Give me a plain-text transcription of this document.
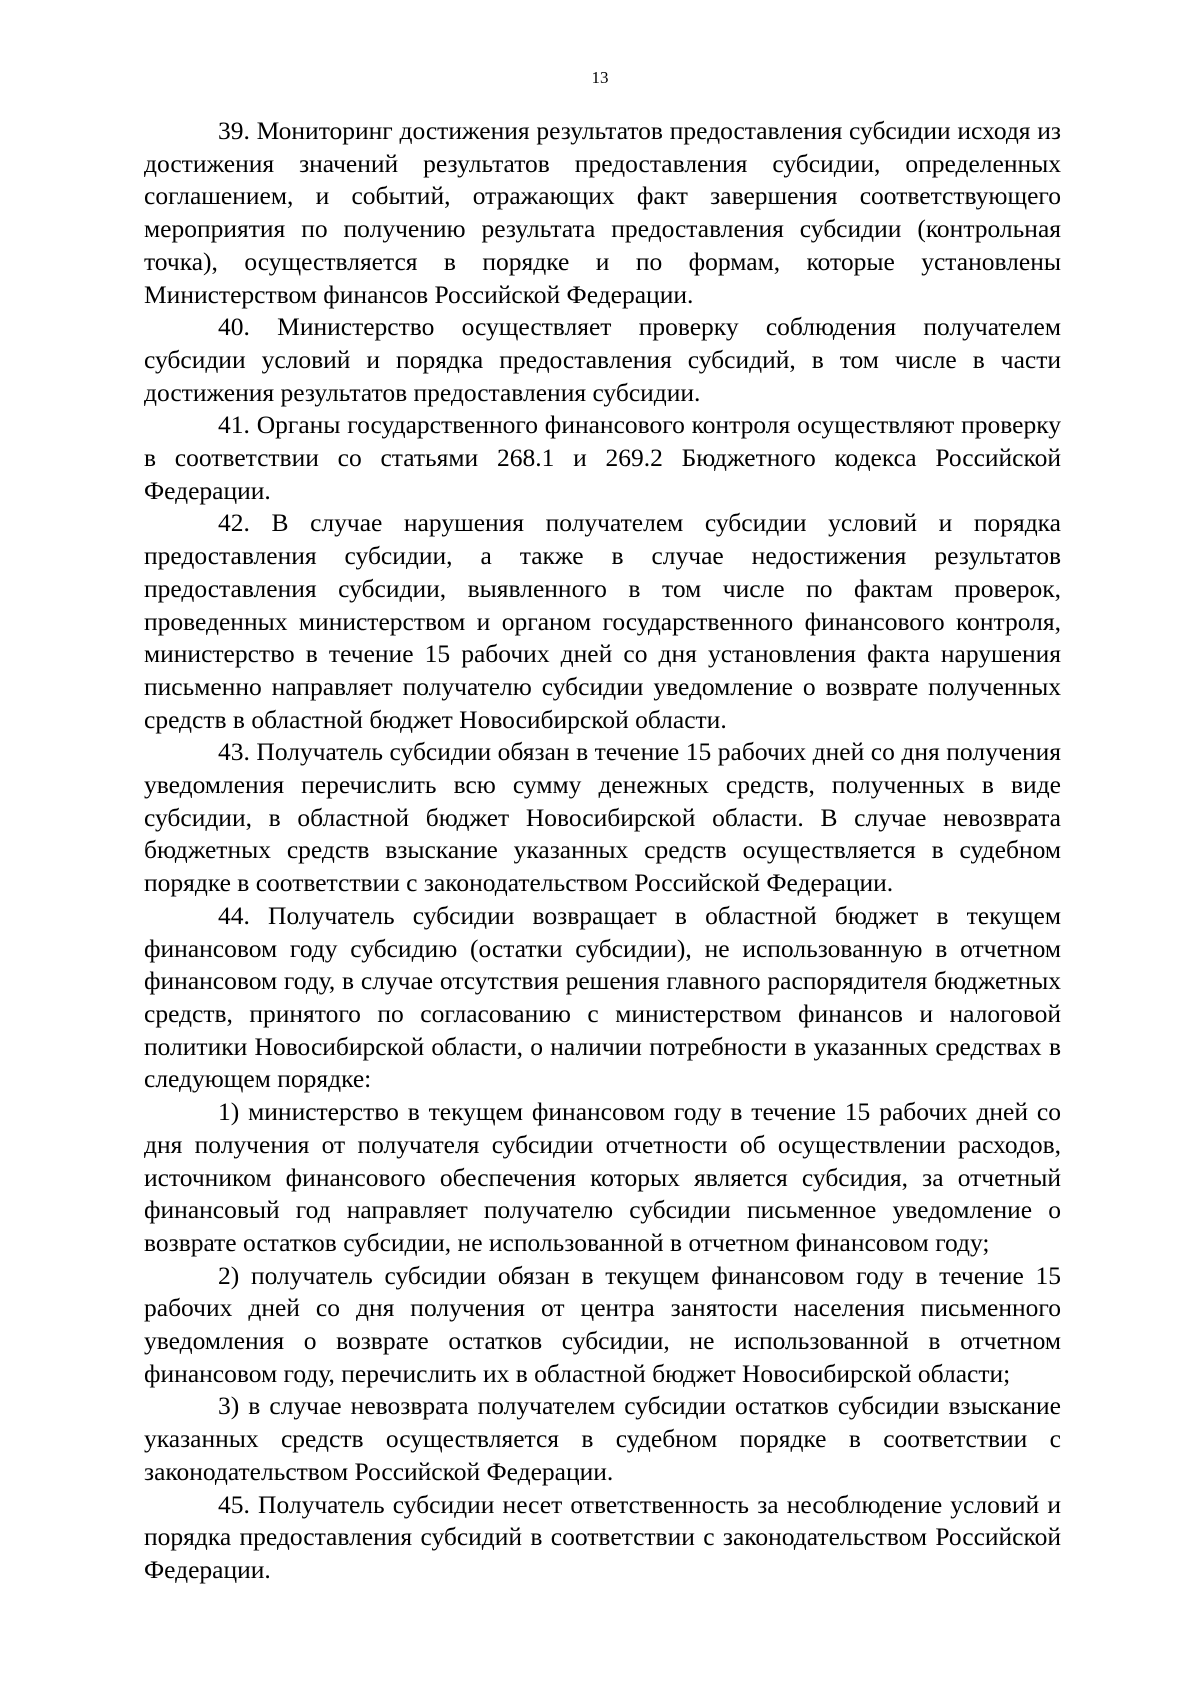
13

39. Мониторинг достижения результатов предоставления субсидии исходя из достижения значений результатов предоставления субсидии, определенных соглашением, и событий, отражающих факт завершения соответствующего мероприятия по получению результата предоставления субсидии (контрольная точка), осуществляется в порядке и по формам, которые установлены Министерством финансов Российской Федерации.

40. Министерство осуществляет проверку соблюдения получателем субсидии условий и порядка предоставления субсидий, в том числе в части достижения результатов предоставления субсидии.

41. Органы государственного финансового контроля осуществляют проверку в соответствии со статьями 268.1 и 269.2 Бюджетного кодекса Российской Федерации.

42. В случае нарушения получателем субсидии условий и порядка предоставления субсидии, а также в случае недостижения результатов предоставления субсидии, выявленного в том числе по фактам проверок, проведенных министерством и органом государственного финансового контроля, министерство в течение 15 рабочих дней со дня установления факта нарушения письменно направляет получателю субсидии уведомление о возврате полученных средств в областной бюджет Новосибирской области.

43. Получатель субсидии обязан в течение 15 рабочих дней со дня получения уведомления перечислить всю сумму денежных средств, полученных в виде субсидии, в областной бюджет Новосибирской области. В случае невозврата бюджетных средств взыскание указанных средств осуществляется в судебном порядке в соответствии с законодательством Российской Федерации.

44. Получатель субсидии возвращает в областной бюджет в текущем финансовом году субсидию (остатки субсидии), не использованную в отчетном финансовом году, в случае отсутствия решения главного распорядителя бюджетных средств, принятого по согласованию с министерством финансов и налоговой политики Новосибирской области, о наличии потребности в указанных средствах в следующем порядке:

1) министерство в текущем финансовом году в течение 15 рабочих дней со дня получения от получателя субсидии отчетности об осуществлении расходов, источником финансового обеспечения которых является субсидия, за отчетный финансовый год направляет получателю субсидии письменное уведомление о возврате остатков субсидии, не использованной в отчетном финансовом году;

2) получатель субсидии обязан в текущем финансовом году в течение 15 рабочих дней со дня получения от центра занятости населения письменного уведомления о возврате остатков субсидии, не использованной в отчетном финансовом году, перечислить их в областной бюджет Новосибирской области;

3) в случае невозврата получателем субсидии остатков субсидии взыскание указанных средств осуществляется в судебном порядке в соответствии с законодательством Российской Федерации.

45. Получатель субсидии несет ответственность за несоблюдение условий и порядка предоставления субсидий в соответствии с законодательством Российской Федерации.
